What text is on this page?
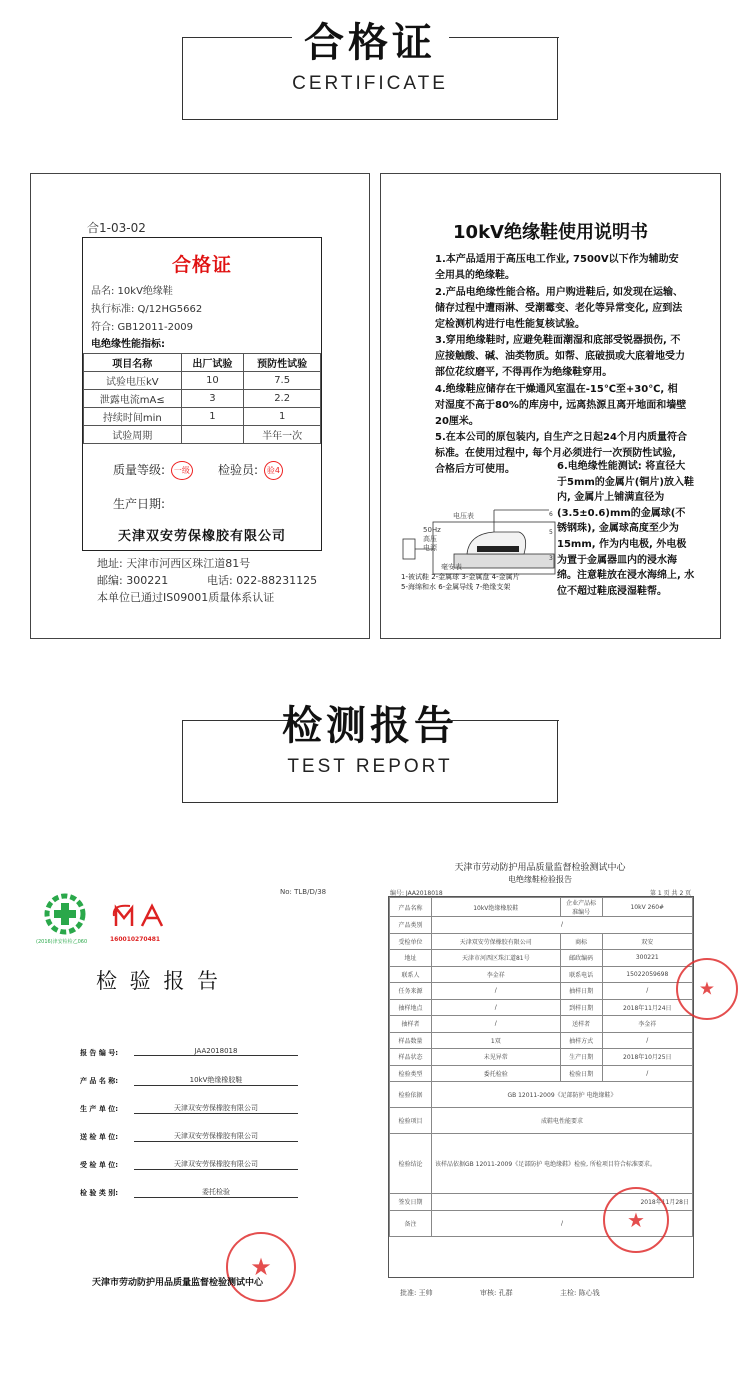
合格证
CERTIFICATE
合1-03-02
合格证
品名: 10kV绝缘鞋
执行标准: Q/12HG5662
符合: GB12011-2009
电绝缘性能指标:
项目名称	出厂试验	预防性试验
试验电压kV	10	7.5
泄露电流mA≤	3	2.2
持续时间min	1	1
试验周期		半年一次
质量等级: 一级 检验员: 验4
生产日期:
天津双安劳保橡胶有限公司
地址: 天津市河西区珠江道81号
邮编: 300221	电话: 022-88231125
本单位已通过IS09001质量体系认证
10kV绝缘鞋使用说明书
1.本产品适用于高压电工作业, 7500V以下作为辅助安全用具的绝缘鞋。
2.产品电绝缘性能合格。用户购进鞋后, 如发现在运输、储存过程中遭雨淋、受潮霉变、老化等异常变化, 应到法定检测机构进行电性能复核试验。
3.穿用绝缘鞋时, 应避免鞋面潮湿和底部受锐器损伤, 不应接触酸、碱、油类物质。如帮、底破损或大底着地受力部位花纹磨平, 不得再作为绝缘鞋穿用。
4.绝缘鞋应储存在干燥通风室温在-15℃至+30℃, 相对湿度不高于80%的库房中, 远离热源且离开地面和墙壁20厘米。
5.在本公司的原包装内, 自生产之日起24个月内质量符合标准。在使用过程中, 每个月必须进行一次预防性试验, 合格后方可使用。	6.电绝缘性能测试: 将直径大于5mm的金属片(铜片)放入鞋内, 金属片上铺满直径为(3.5±0.6)mm的金属球(不锈钢珠), 金属球高度至少为15mm, 作为内电极, 外电极为置于金属器皿内的浸水海绵。注意鞋放在浸水海绵上, 水位不超过鞋底浸湿鞋帮。
6
5
3
50Hz高压电源
电压表
毫安表
1-被试鞋 2-金属球 3-金属盘 4-金属片
5-海绵和水 6-金属导线 7-绝缘支架
检测报告
TEST REPORT
No: TLB/D/38
(2016)津安检检乙060	160010270481
检 验 报 告
报 告 编 号:	JAA2018018
产 品 名 称:	10kV绝缘橡胶鞋
生 产 单 位:	天津双安劳保橡胶有限公司
送 检 单 位:	天津双安劳保橡胶有限公司
受 检 单 位:	天津双安劳保橡胶有限公司
检 验 类 别:	委托检验
★
天津市劳动防护用品质量监督检验测试中心
天津市劳动防护用品质量监督检验测试中心
电绝缘鞋检验报告
编号: JAA2018018	第 1 页 共 2 页
产品名称	10kV绝缘橡胶鞋	企业产品标准编号	10kV 260#
产品类别	/		
受检单位	天津双安劳保橡胶有限公司	商标	双安
地址	天津市河西区珠江道81号	邮政编码	300221
联系人	李金祥	联系电话	15022059698
任务来源	/	抽样日期	/
抽样地点	/	到样日期	2018年11月24日
抽样者	/	送样者	李金祥
样品数量	1双	抽样方式	/
样品状态	未见异常	生产日期	2018年10月25日
检验类型	委托检验	检验日期	/
检验依据	GB 12011-2009《足部防护 电绝缘鞋》		
检验项目	成鞋电性能要求		
检验结论	该样品依据GB 12011-2009《足部防护 电绝缘鞋》检验, 所检项目符合标准要求。		
签发日期	2018年11月28日		
备注	/			★
★
批准: 王帅	审核: 孔群	主检: 陈心钱
